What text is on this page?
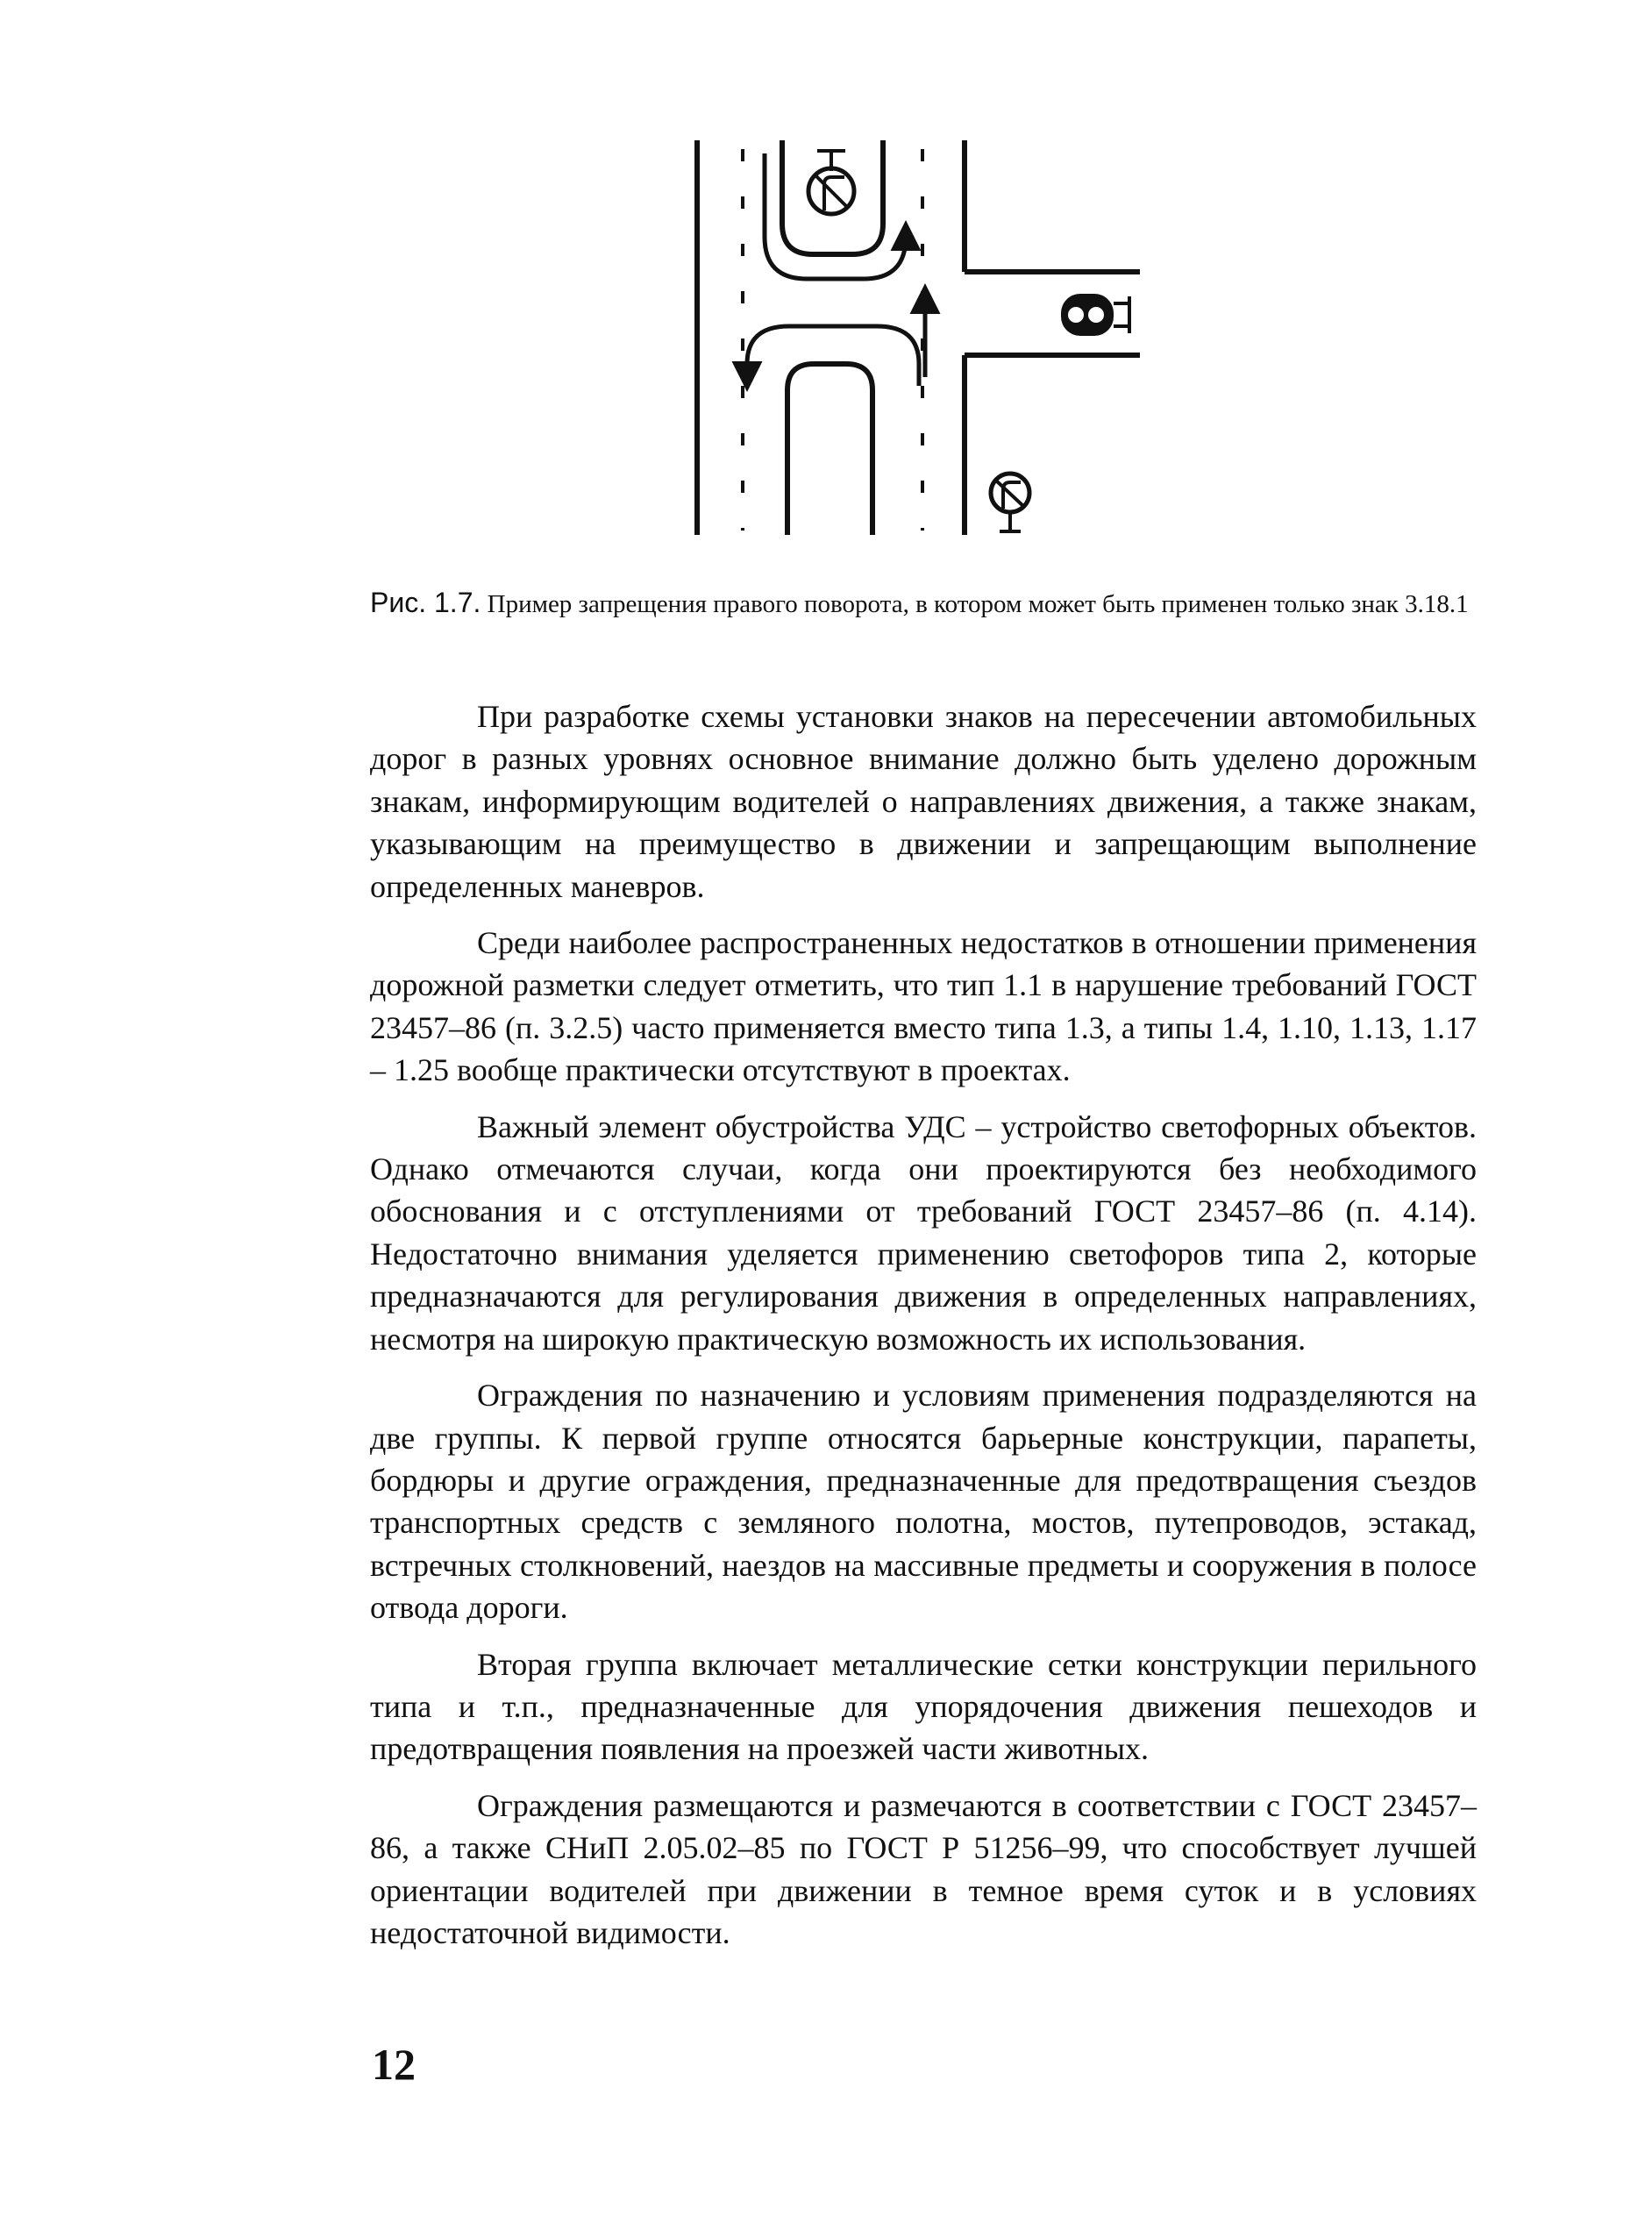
Рис. 1.7. Пример запрещения правого поворота, в котором может быть применен только знак 3.18.1

При разработке схемы установки знаков на пересечении автомобильных дорог в разных уровнях основное внимание должно быть уделено дорожным знакам, информирующим водителей о направлениях движения, а также знакам, указывающим на преимущество в движении и запрещающим выполнение определенных маневров.

Среди наиболее распространенных недостатков в отношении применения дорожной разметки следует отметить, что тип 1.1 в нарушение требований ГОСТ 23457–86 (п. 3.2.5) часто применяется вместо типа 1.3, а типы 1.4, 1.10, 1.13, 1.17 – 1.25 вообще практически отсутствуют в проектах.

Важный элемент обустройства УДС – устройство светофорных объектов. Однако отмечаются случаи, когда они проектируются без необходимого обоснования и с отступлениями от требований ГОСТ 23457–86 (п. 4.14). Недостаточно внимания уделяется применению светофоров типа 2, которые предназначаются для регулирования движения в определенных направлениях, несмотря на широкую практическую возможность их использования.

Ограждения по назначению и условиям применения подразделяются на две группы. К первой группе относятся барьерные конструкции, парапеты, бордюры и другие ограждения, предназначенные для предотвращения съездов транспортных средств с земляного полотна, мостов, путепроводов, эстакад, встречных столкновений, наездов на массивные предметы и сооружения в полосе отвода дороги.

Вторая группа включает металлические сетки конструкции перильного типа и т.п., предназначенные для упорядочения движения пешеходов и предотвращения появления на проезжей части животных.

Ограждения размещаются и размечаются в соответствии с ГОСТ 23457–86, а также СНиП 2.05.02–85 по ГОСТ Р 51256–99, что способствует лучшей ориентации водителей при движении в темное время суток и в условиях недостаточной видимости.

12
